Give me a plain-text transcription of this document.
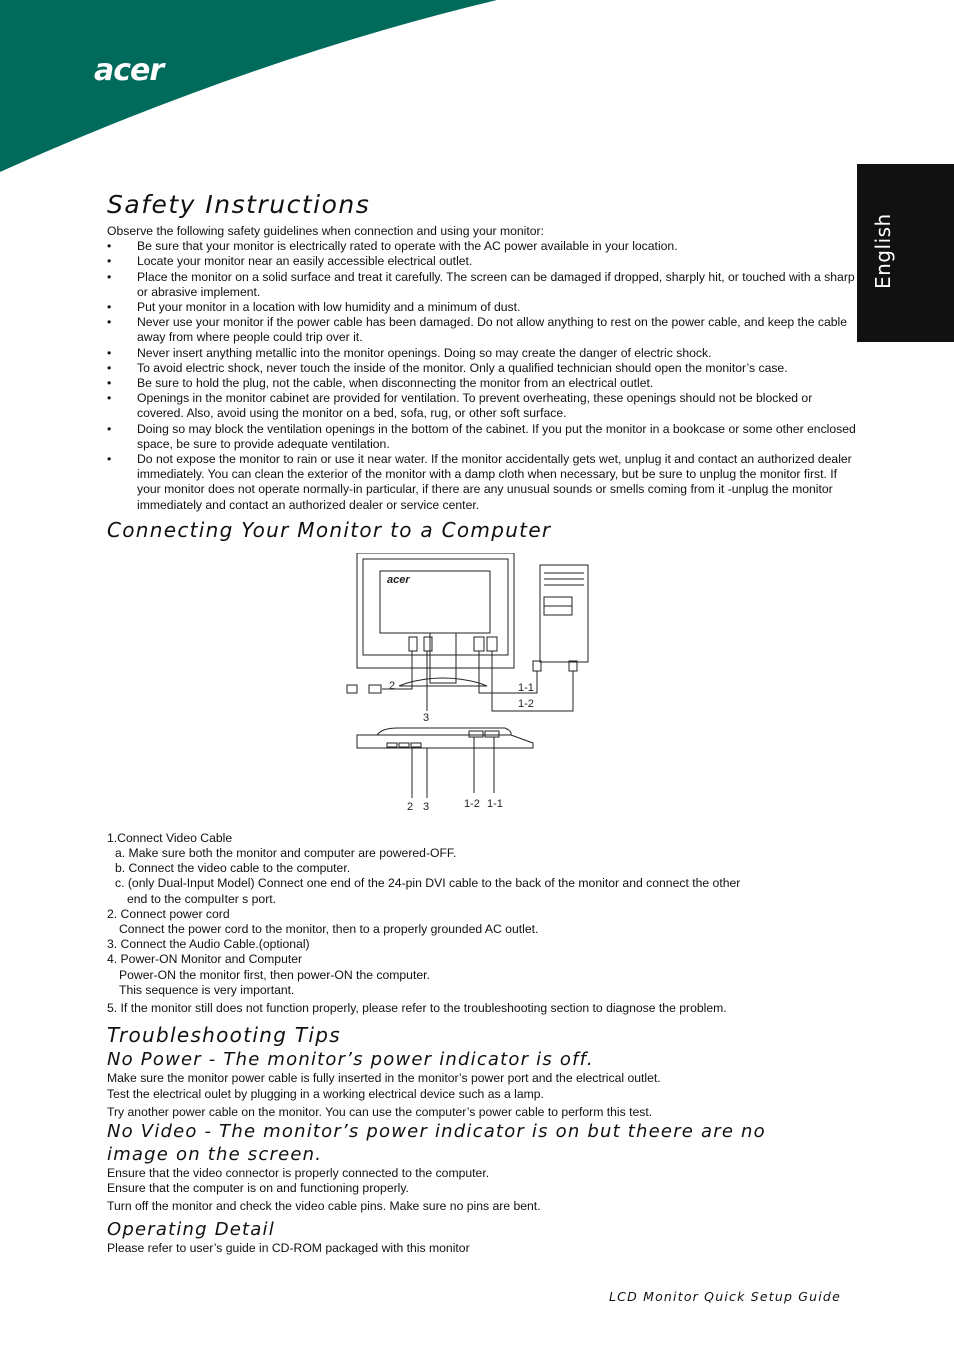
acer
English
Safety Instructions

Observe the following safety guidelines when connection and using your monitor:

• Be sure that your monitor is electrically rated to operate with the AC power available in your location.
• Locate your monitor near an easily accessible electrical outlet.
• Place the monitor on a solid surface and treat it carefully. The screen can be damaged if dropped, sharply hit, or touched with a sharp or abrasive implement.
• Put your monitor in a location with low humidity and a minimum of dust.
• Never use your monitor if the power cable has been damaged. Do not allow anything to rest on the power cable, and keep the cable away from where people could trip over it.
• Never insert anything metallic into the monitor openings. Doing so may create the danger of electric shock.
• To avoid electric shock, never touch the inside of the monitor. Only a qualified technician should open the monitor’s case.
• Be sure to hold the plug, not the cable, when disconnecting the monitor from an electrical outlet.
• Openings in the monitor cabinet are provided for ventilation. To prevent overheating, these openings should not be blocked or covered. Also, avoid using the monitor on a bed, sofa, rug, or other soft surface.
• Doing so may block the ventilation openings in the bottom of the cabinet. If you put the monitor in a bookcase or some other enclosed space, be sure to provide adequate ventilation.
• Do not expose the monitor to rain or use it near water. If the monitor accidentally gets wet, unplug it and contact an authorized dealer immediately. You can clean the exterior of the monitor with a damp cloth when necessary, but be sure to unplug the monitor first. If your monitor does not operate normally-in particular, if there are any unusual sounds or smells coming from it -unplug the monitor immediately and contact an authorized dealer or service center.
Connecting Your Monitor to a Computer
acer
2
3
1-1
1-2
2 3	1-2 1-1

1.Connect Video Cable

a. Make sure both the monitor and computer are powered-OFF.

b. Connect the video cable to the computer.

c. (only Dual-Input Model) Connect one end of the 24-pin DVI cable to the back of the monitor and connect the other

end to the compuIter s port.

2. Connect power cord

Connect the power cord to the monitor, then to a properly grounded AC outlet.

3. Connect the Audio Cable.(optional)

4. Power-ON Monitor and Computer

Power-ON the monitor first, then power-ON the computer.

This sequence is very important.

5. If the monitor still does not function properly, please refer to the troubleshooting section to diagnose the problem.

Troubleshooting Tips
No Power - The monitor’s power indicator is off.

Make sure the monitor power cable is fully inserted in the monitor’s power port and the electrical outlet.

Test the electrical oulet by plugging in a working electrical device such as a lamp.

Try another power cable on the monitor. You can use the computer’s power cable to perform this test.

No Video - The monitor’s power indicator is on but theere are no image on the screen.

Ensure that the video connector is properly connected to the computer.

Ensure that the computer is on and functioning properly.

Turn off the monitor and check the video cable pins. Make sure no pins are bent.

Operating Detail

Please refer to user’s guide in CD-ROM packaged with this monitor

LCD Monitor Quick Setup Guide
